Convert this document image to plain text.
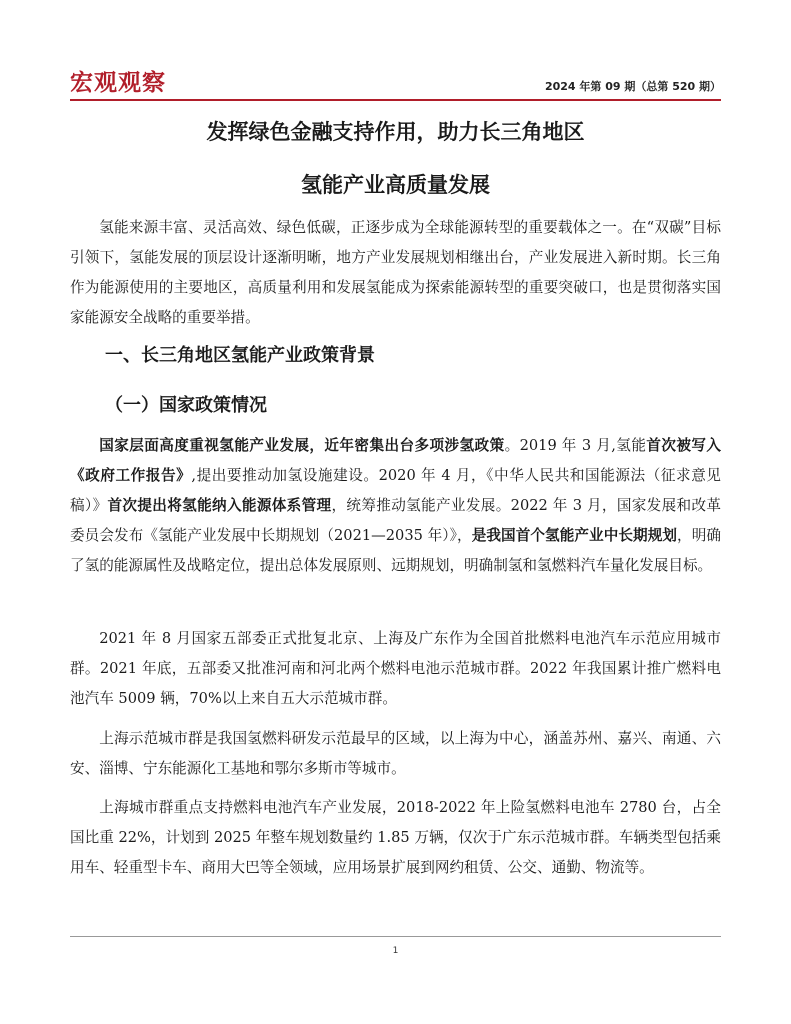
宏观观察	2024 年第 09 期（总第 520 期）
发挥绿色金融支持作用，助力长三角地区
氢能产业高质量发展

氢能来源丰富、灵活高效、绿色低碳，正逐步成为全球能源转型的重要载体之一。在“双碳”目标引领下，氢能发展的顶层设计逐渐明晰，地方产业发展规划相继出台，产业发展进入新时期。长三角作为能源使用的主要地区，高质量利用和发展氢能成为探索能源转型的重要突破口，也是贯彻落实国家能源安全战略的重要举措。

一、长三角地区氢能产业政策背景
（一）国家政策情况

国家层面高度重视氢能产业发展，近年密集出台多项涉氢政策。2019 年 3 月,氢能首次被写入《政府工作报告》,提出要推动加氢设施建设。2020 年 4 月，《中华人民共和国能源法（征求意见稿）》首次提出将氢能纳入能源体系管理，统筹推动氢能产业发展。2022 年 3 月，国家发展和改革委员会发布《氢能产业发展中长期规划（2021—2035 年）》，是我国首个氢能产业中长期规划，明确了氢的能源属性及战略定位，提出总体发展原则、远期规划，明确制氢和氢燃料汽车量化发展目标。

2021 年 8 月国家五部委正式批复北京、上海及广东作为全国首批燃料电池汽车示范应用城市群。2021 年底，五部委又批准河南和河北两个燃料电池示范城市群。2022 年我国累计推广燃料电池汽车 5009 辆，70%以上来自五大示范城市群。

上海示范城市群是我国氢燃料研发示范最早的区域，以上海为中心，涵盖苏州、嘉兴、南通、六安、淄博、宁东能源化工基地和鄂尔多斯市等城市。

上海城市群重点支持燃料电池汽车产业发展，2018-2022 年上险氢燃料电池车 2780 台，占全国比重 22%，计划到 2025 年整车规划数量约 1.85 万辆，仅次于广东示范城市群。车辆类型包括乘用车、轻重型卡车、商用大巴等全领域，应用场景扩展到网约租赁、公交、通勤、物流等。

1
